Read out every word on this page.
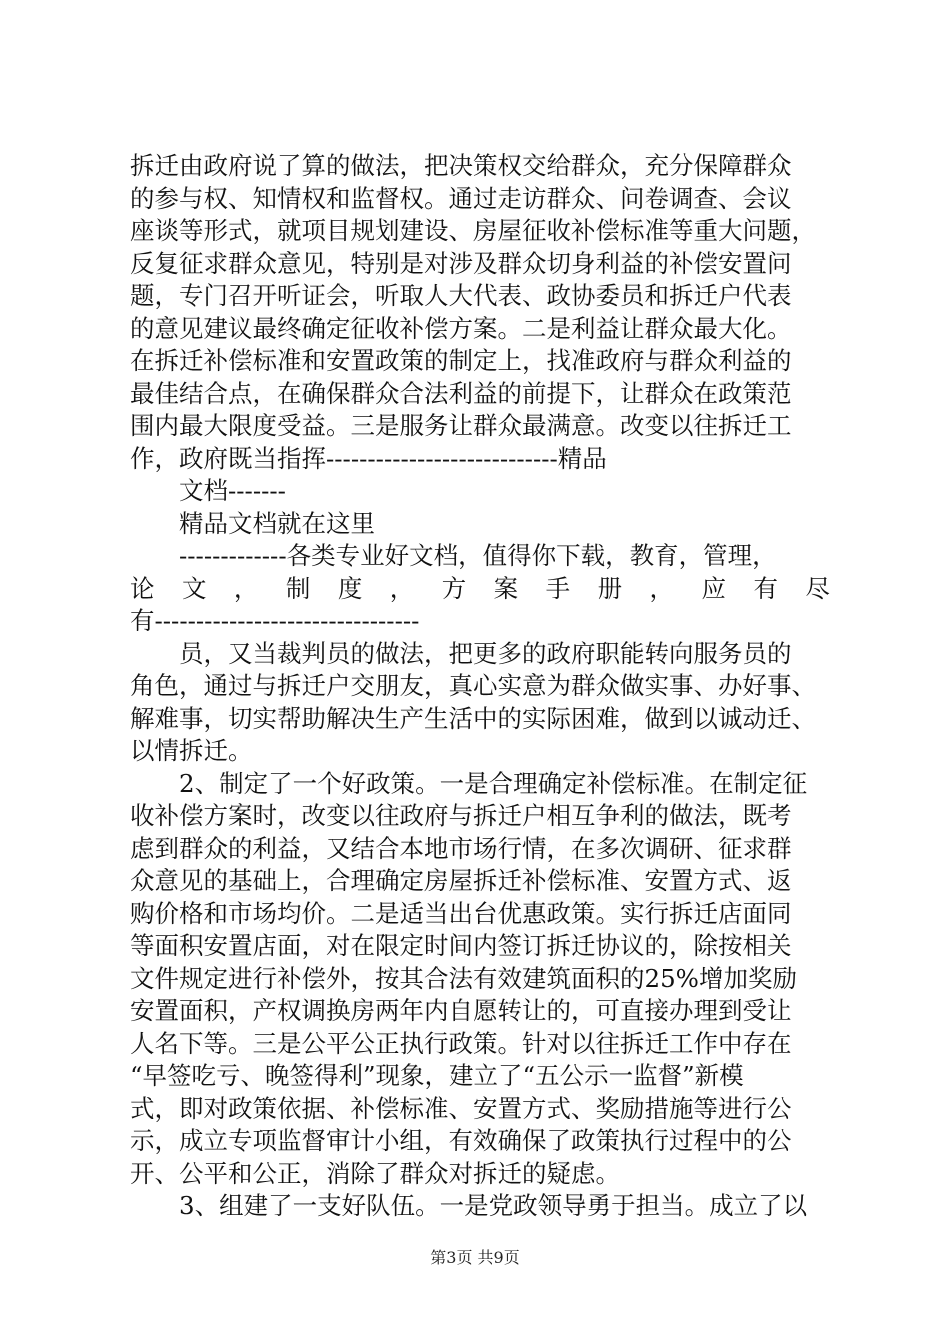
拆迁由政府说了算的做法，把决策权交给群众，充分保障群众
的参与权、知情权和监督权。通过走访群众、问卷调查、会议
座谈等形式，就项目规划建设、房屋征收补偿标准等重大问题，
反复征求群众意见，特别是对涉及群众切身利益的补偿安置问
题，专门召开听证会，听取人大代表、政协委员和拆迁户代表
的意见建议最终确定征收补偿方案。二是利益让群众最大化。
在拆迁补偿标准和安置政策的制定上，找准政府与群众利益的
最佳结合点，在确保群众合法利益的前提下，让群众在政策范
围内最大限度受益。三是服务让群众最满意。改变以往拆迁工
作，政府既当指挥----------------------------精品
　　文档-------
　　精品文档就在这里
　　-------------各类专业好文档，值得你下载，教育，管理，
论 文 ， 制 度 ， 方 案 手 册 ， 应 有 尽
有--------------------------------
　　员，又当裁判员的做法，把更多的政府职能转向服务员的
角色，通过与拆迁户交朋友，真心实意为群众做实事、办好事、
解难事，切实帮助解决生产生活中的实际困难，做到以诚动迁、
以情拆迁。
　　2、制定了一个好政策。一是合理确定补偿标准。在制定征
收补偿方案时，改变以往政府与拆迁户相互争利的做法，既考
虑到群众的利益，又结合本地市场行情，在多次调研、征求群
众意见的基础上，合理确定房屋拆迁补偿标准、安置方式、返
购价格和市场均价。二是适当出台优惠政策。实行拆迁店面同
等面积安置店面，对在限定时间内签订拆迁协议的，除按相关
文件规定进行补偿外，按其合法有效建筑面积的25%增加奖励
安置面积，产权调换房两年内自愿转让的，可直接办理到受让
人名下等。三是公平公正执行政策。针对以往拆迁工作中存在
“早签吃亏、晚签得利”现象，建立了“五公示一监督”新模
式，即对政策依据、补偿标准、安置方式、奖励措施等进行公
示，成立专项监督审计小组，有效确保了政策执行过程中的公
开、公平和公正，消除了群众对拆迁的疑虑。
　　3、组建了一支好队伍。一是党政领导勇于担当。成立了以
第3页 共9页
